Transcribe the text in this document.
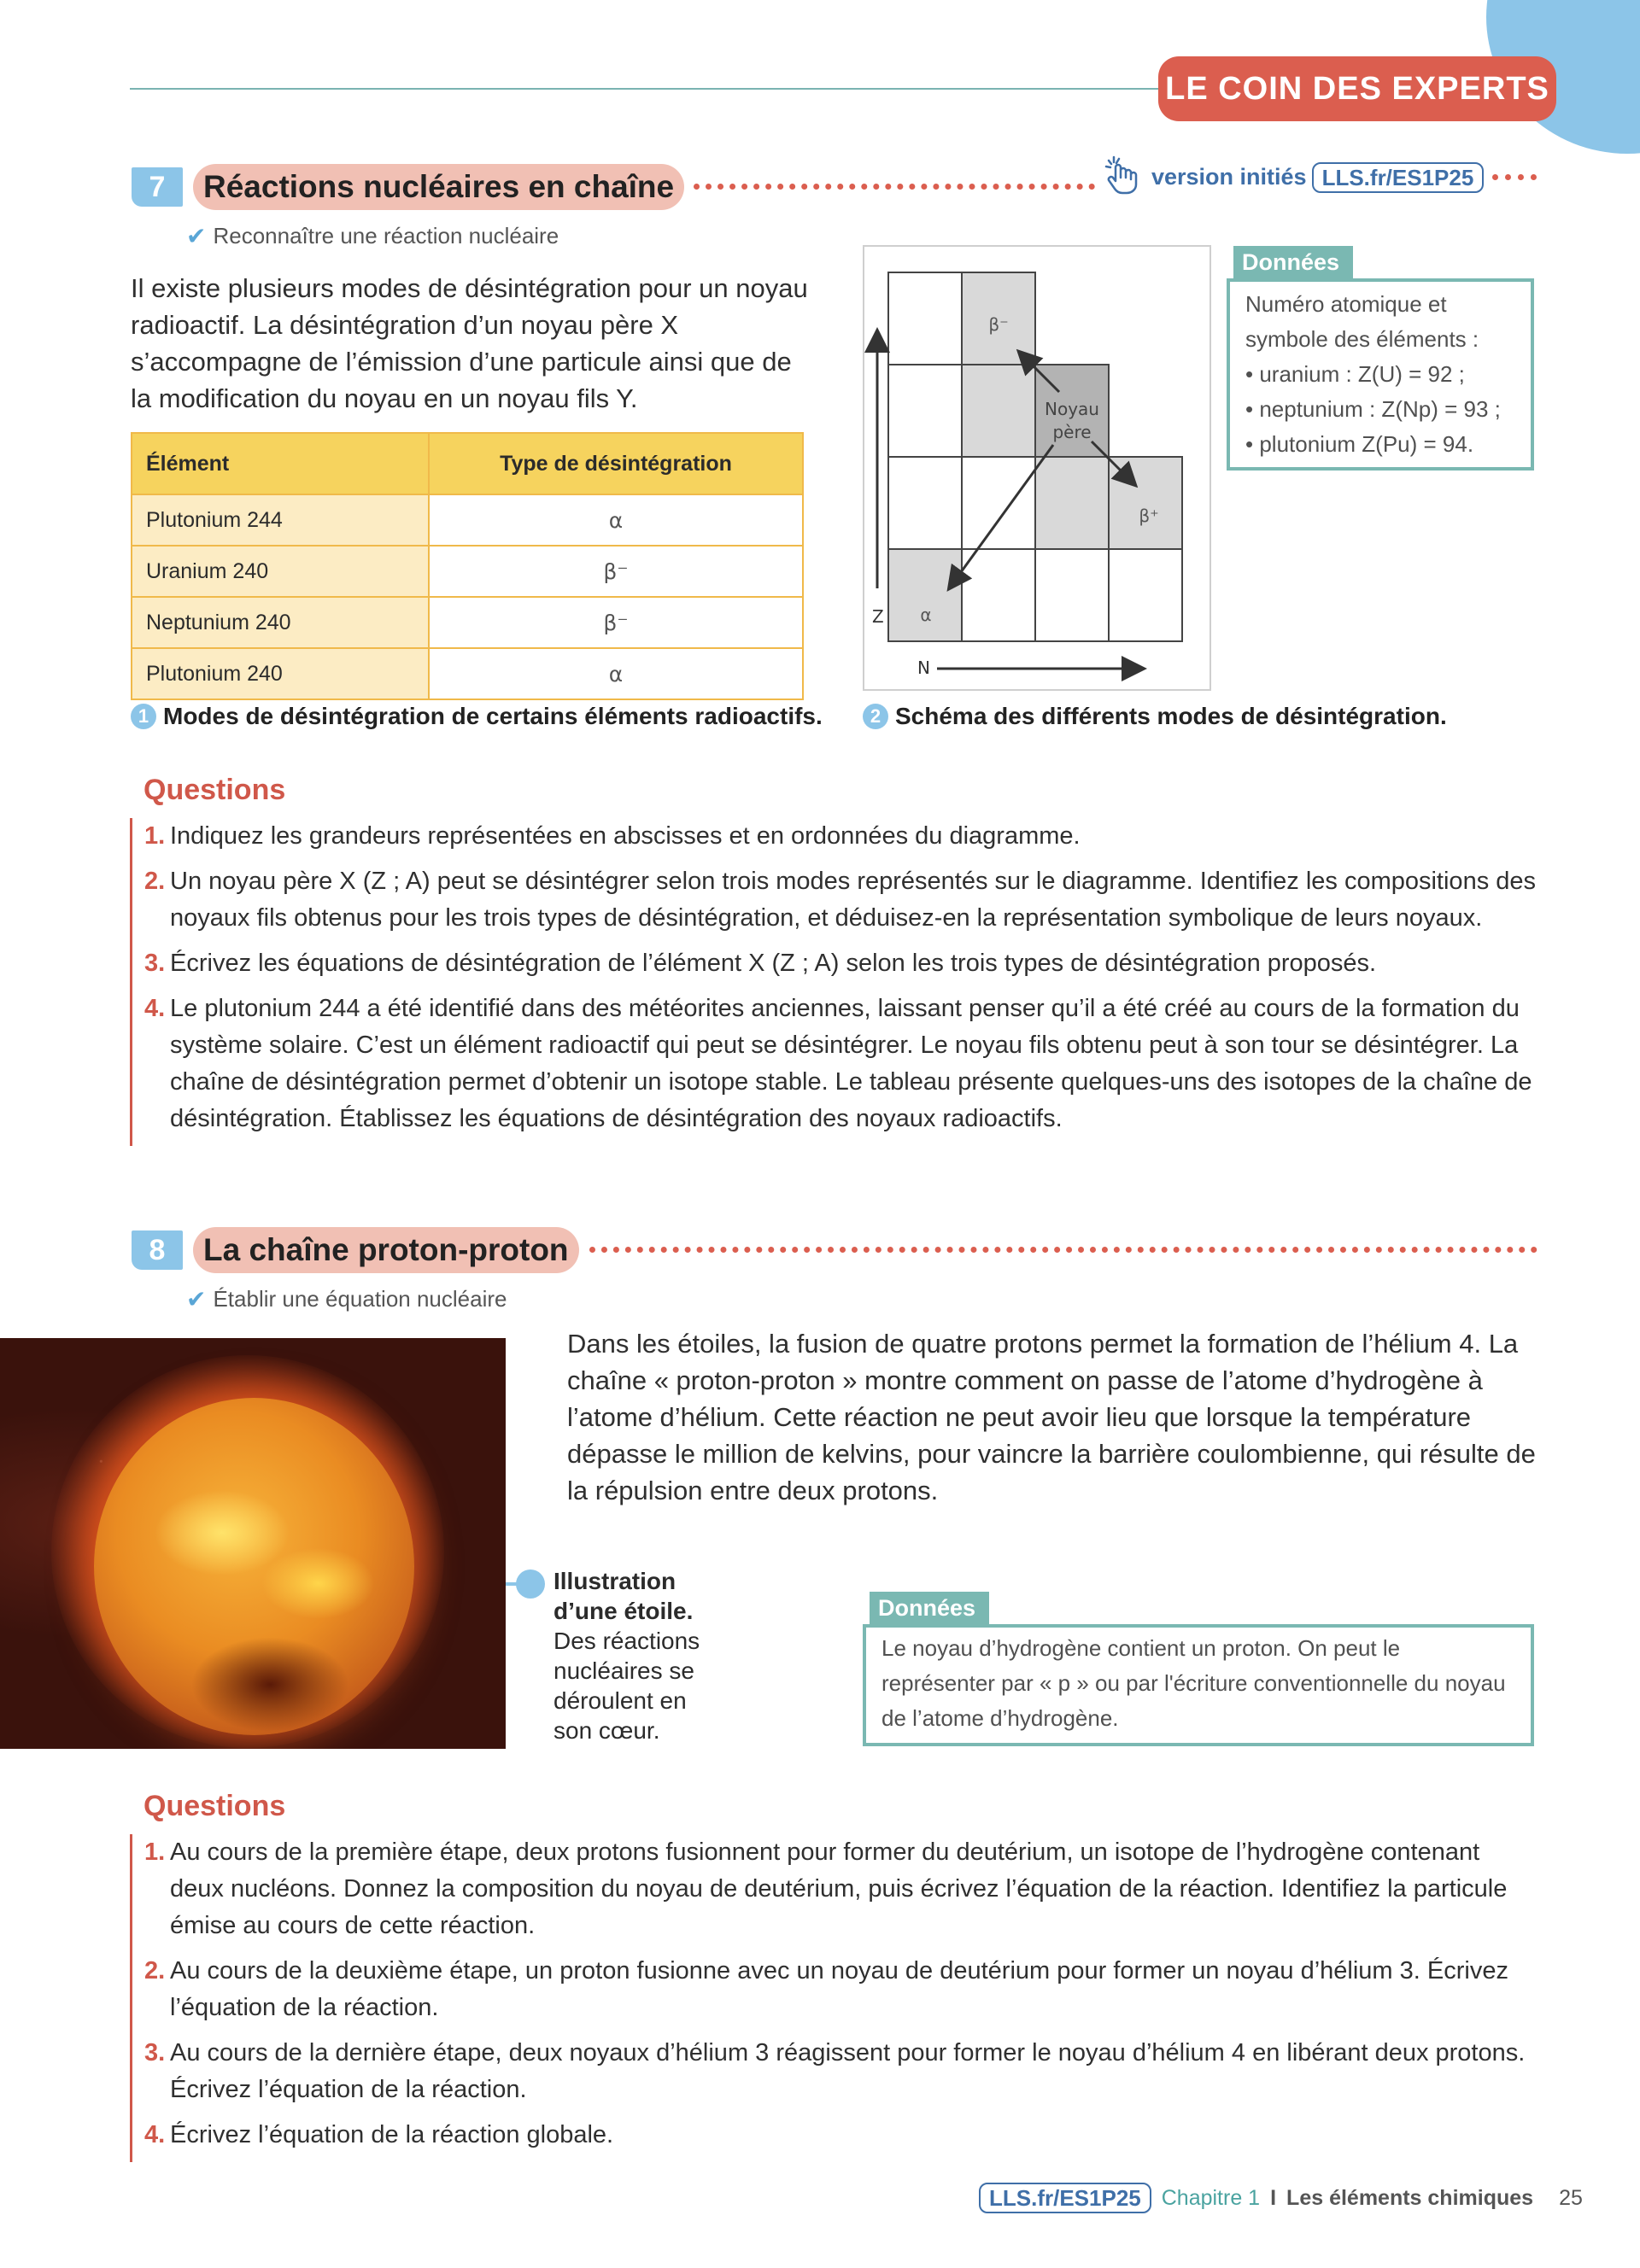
LE COIN DES EXPERTS
7	Réactions nucléaires en chaîne	version initiés LLS.fr/ES1P25
✔ Reconnaître une réaction nucléaire

Il existe plusieurs modes de désintégration pour un noyau radioactif. La désintégration d’un noyau père X s’accompagne de l’émission d’une particule ainsi que de la modification du noyau en un noyau fils Y.

Élément	Type de désintégration
Plutonium 244	α
Uranium 240	β⁻
Neptunium 240	β⁻
Plutonium 240	α
1 Modes de désintégration de certains éléments radioactifs.
Z
N
Noyau
père
β⁻
β⁺
α
2 Schéma des différents modes de désintégration.
Données
Numéro atomique et
symbole des éléments :
• uranium : Z(U) = 92 ;
• neptunium : Z(Np) = 93 ;
• plutonium Z(Pu) = 94.
Questions
1. Indiquez les grandeurs représentées en abscisses et en ordonnées du diagramme.
2. Un noyau père X (Z ; A) peut se désintégrer selon trois modes représentés sur le diagramme. Identifiez les compositions des noyaux fils obtenus pour les trois types de désintégration, et déduisez-en la représentation symbolique de leurs noyaux.
3. Écrivez les équations de désintégration de l’élément X (Z ; A) selon les trois types de désintégration proposés.
4. Le plutonium 244 a été identifié dans des météorites anciennes, laissant penser qu’il a été créé au cours de la formation du système solaire. C’est un élément radioactif qui peut se désintégrer. Le noyau fils obtenu peut à son tour se désintégrer. La chaîne de désintégration permet d’obtenir un isotope stable. Le tableau présente quelques-uns des isotopes de la chaîne de désintégration. Établissez les équations de désintégration des noyaux radioactifs.
8	La chaîne proton-proton
✔ Établir une équation nucléaire

Dans les étoiles, la fusion de quatre protons permet la formation de l’hélium 4. La chaîne « proton-proton » montre comment on passe de l’atome d’hydrogène à l’atome d’hélium. Cette réaction ne peut avoir lieu que lorsque la température dépasse le million de kelvins, pour vaincre la barrière coulombienne, qui résulte de la répulsion entre deux protons.

Illustration d’une étoile.
Des réactions nucléaires se déroulent en son cœur.
Données
Le noyau d’hydrogène contient un proton. On peut le représenter par « p » ou par l'écriture conventionnelle du noyau de l’atome d’hydrogène.
Questions
1. Au cours de la première étape, deux protons fusionnent pour former du deutérium, un isotope de l’hydrogène contenant deux nucléons. Donnez la composition du noyau de deutérium, puis écrivez l’équation de la réaction. Identifiez la particule émise au cours de cette réaction.
2. Au cours de la deuxième étape, un proton fusionne avec un noyau de deutérium pour former un noyau d’hélium 3. Écrivez l’équation de la réaction.
3. Au cours de la dernière étape, deux noyaux d’hélium 3 réagissent pour former le noyau d’hélium 4 en libérant deux protons. Écrivez l’équation de la réaction.
4. Écrivez l’équation de la réaction globale.
LLS.fr/ES1P25 Chapitre 1 I Les éléments chimiques 25
